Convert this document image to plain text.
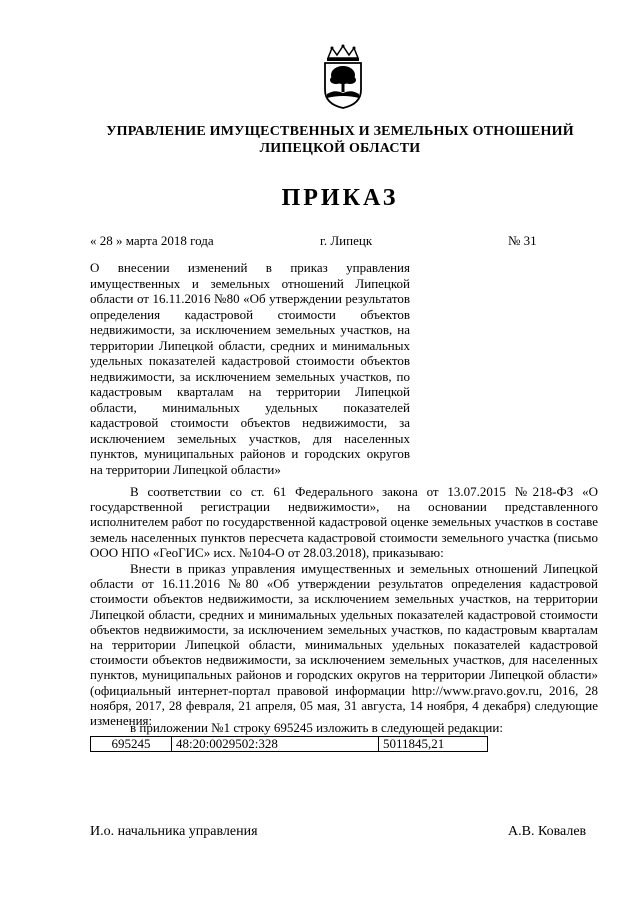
УПРАВЛЕНИЕ ИМУЩЕСТВЕННЫХ И ЗЕМЕЛЬНЫХ ОТНОШЕНИЙ
ЛИПЕЦКОЙ ОБЛАСТИ
ПРИКАЗ
« 28 » марта 2018 года	г. Липецк	№ 31
О внесении изменений в приказ управления имущественных и земельных отношений Липецкой области от 16.11.2016 №80 «Об утверждении результатов определения кадастровой стоимости объектов недвижимости, за исключением земельных участков, на территории Липецкой области, средних и минимальных удельных показателей кадастровой стоимости объектов недвижимости, за исключением земельных участков, по кадастровым кварталам на территории Липецкой области, минимальных удельных показателей кадастровой стоимости объектов недвижимости, за исключением земельных участков, для населенных пунктов, муниципальных районов и городских округов на территории Липецкой области»
В соответствии со ст. 61 Федерального закона от 13.07.2015 №218-ФЗ «О государственной регистрации недвижимости», на основании представленного исполнителем работ по государственной кадастровой оценке земельных участков в составе земель населенных пунктов пересчета кадастровой стоимости земельного участка (письмо ООО НПО «ГеоГИС» исх. №104-О от 28.03.2018), приказываю:
Внести в приказ управления имущественных и земельных отношений Липецкой области от 16.11.2016 №80 «Об утверждении результатов определения кадастровой стоимости объектов недвижимости, за исключением земельных участков, на территории Липецкой области, средних и минимальных удельных показателей кадастровой стоимости объектов недвижимости, за исключением земельных участков, по кадастровым кварталам на территории Липецкой области, минимальных удельных показателей кадастровой стоимости объектов недвижимости, за исключением земельных участков, для населенных пунктов, муниципальных районов и городских округов на территории Липецкой области» (официальный интернет-портал правовой информации http://www.pravo.gov.ru, 2016, 28 ноября, 2017, 28 февраля, 21 апреля, 05 мая, 31 августа, 14 ноября, 4 декабря) следующие изменения:
в приложении №1 строку 695245 изложить в следующей редакции:
695245	48:20:0029502:328	5011845,21
И.о. начальника управления	А.В. Ковалев
